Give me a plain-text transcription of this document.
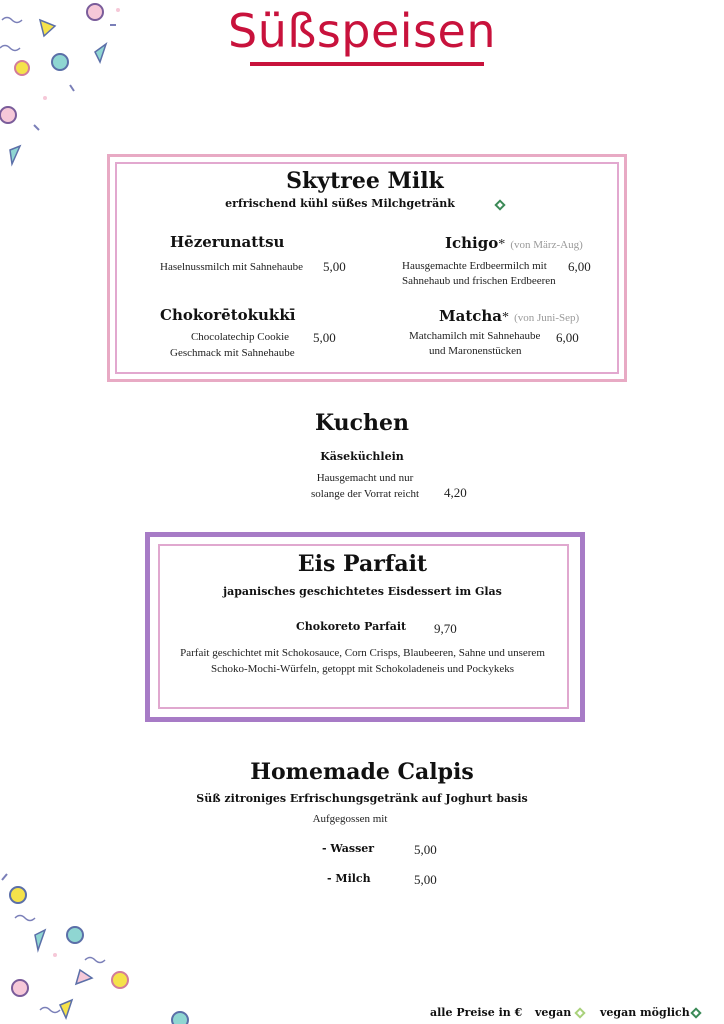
Süßspeisen
Skytree Milk
erfrischend kühl süßes Milchgetränk
Hēzerunattsu
Haselnussmilch mit Sahnehaube 5,00
Ichigo* (von März-Aug)
Hausgemachte Erdbeermilch mit
Sahnehaub und frischen Erdbeeren
6,00
Chokorētokukkī
Chocolatechip Cookie
Geschmack mit Sahnehaube
5,00
Matcha* (von Juni-Sep)
Matchamilch mit Sahnehaube
und Maronenstücken
6,00
Kuchen
Käseküchlein
Hausgemacht und nur
solange der Vorrat reicht	4,20
Eis Parfait
japanisches geschichtetes Eisdessert im Glas
Chokoreto Parfait 9,70
Parfait geschichtet mit Schokosauce, Corn Crisps, Blaubeeren, Sahne und unserem
Schoko-Mochi-Würfeln, getoppt mit Schokoladeneis und Pockykeks
Homemade Calpis
Süß zitroniges Erfrischungsgetränk auf Joghurt basis
Aufgegossen mit
- Wasser	5,00
- Milch	5,00
alle Preise in € vegan	vegan möglich
